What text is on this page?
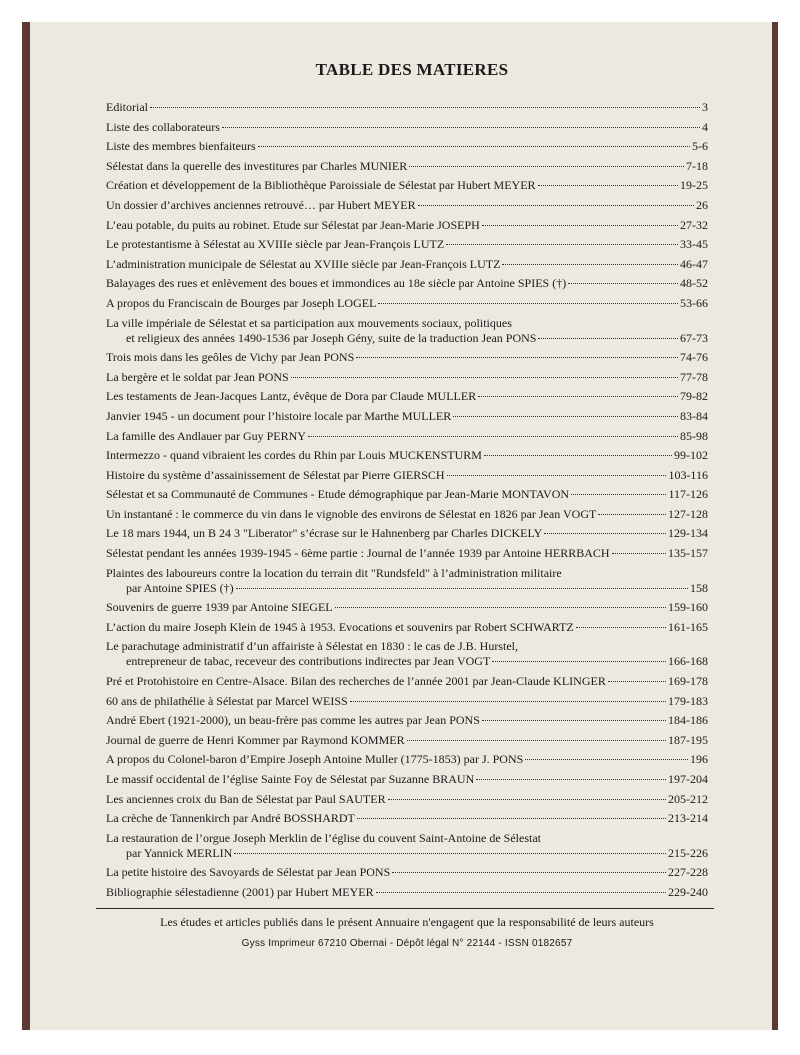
TABLE DES MATIERES
Editorial	3
Liste des collaborateurs	4
Liste des membres bienfaiteurs	5-6
Sélestat dans la querelle des investitures par Charles MUNIER	7-18
Création et développement de la Bibliothèque Paroissiale de Sélestat par Hubert MEYER	19-25
Un dossier d’archives anciennes retrouvé… par Hubert MEYER	26
L’eau potable, du puits au robinet. Etude sur Sélestat par Jean-Marie JOSEPH	27-32
Le protestantisme à Sélestat au XVIIIe siècle par Jean-François LUTZ	33-45
L’administration municipale de Sélestat au XVIIIe siècle par Jean-François LUTZ	46-47
Balayages des rues et enlèvement des boues et immondices au 18e siècle par Antoine SPIES (†)	48-52
A propos du Franciscain de Bourges par Joseph LOGEL	53-66
La ville impériale de Sélestat et sa participation aux mouvements sociaux, politiques
et religieux des années 1490-1536 par Joseph Gény, suite de la traduction Jean PONS	67-73
Trois mois dans les geôles de Vichy par Jean PONS	74-76
La bergère et le soldat par Jean PONS	77-78
Les testaments de Jean-Jacques Lantz, évêque de Dora par Claude MULLER	79-82
Janvier 1945 - un document pour l’histoire locale par Marthe MULLER	83-84
La famille des Andlauer par Guy PERNY	85-98
Intermezzo - quand vibraient les cordes du Rhin par Louis MUCKENSTURM	99-102
Histoire du système d’assainissement de Sélestat par Pierre GIERSCH	103-116
Sélestat et sa Communauté de Communes - Etude démographique par Jean-Marie MONTAVON	117-126
Un instantané : le commerce du vin dans le vignoble des environs de Sélestat en 1826 par Jean VOGT	127-128
Le 18 mars 1944, un B 24 3 "Liberator" s’écrase sur le Hahnenberg par Charles DICKELY	129-134
Sélestat pendant les années 1939-1945 - 6ème partie : Journal de l’année 1939 par Antoine HERRBACH	135-157
Plaintes des laboureurs contre la location du terrain dit "Rundsfeld" à l’administration militaire
par Antoine SPIES (†)	158
Souvenirs de guerre 1939 par Antoine SIEGEL	159-160
L’action du maire Joseph Klein de 1945 à 1953. Evocations et souvenirs par Robert SCHWARTZ	161-165
Le parachutage administratif d’un affairiste à Sélestat en 1830 : le cas de J.B. Hurstel,
entrepreneur de tabac, receveur des contributions indirectes par Jean VOGT	166-168
Pré et Protohistoire en Centre-Alsace. Bilan des recherches de l’année 2001 par Jean-Claude KLINGER	169-178
60 ans de philathélie à Sélestat par Marcel WEISS	179-183
André Ebert (1921-2000), un beau-frère pas comme les autres par Jean PONS	184-186
Journal de guerre de Henri Kommer par Raymond KOMMER	187-195
A propos du Colonel-baron d’Empire Joseph Antoine Muller (1775-1853) par J. PONS	196
Le massif occidental de l’église Sainte Foy de Sélestat par Suzanne BRAUN	197-204
Les anciennes croix du Ban de Sélestat par Paul SAUTER	205-212
La crèche de Tannenkirch par André BOSSHARDT	213-214
La restauration de l’orgue Joseph Merklin de l’église du couvent Saint-Antoine de Sélestat
par Yannick MERLIN	215-226
La petite histoire des Savoyards de Sélestat par Jean PONS	227-228
Bibliographie sélestadienne (2001) par Hubert MEYER	229-240
Les études et articles publiés dans le présent Annuaire n'engagent que la responsabilité de leurs auteurs
Gyss Imprimeur 67210 Obernai - Dépôt légal N° 22144 - ISSN 0182657
